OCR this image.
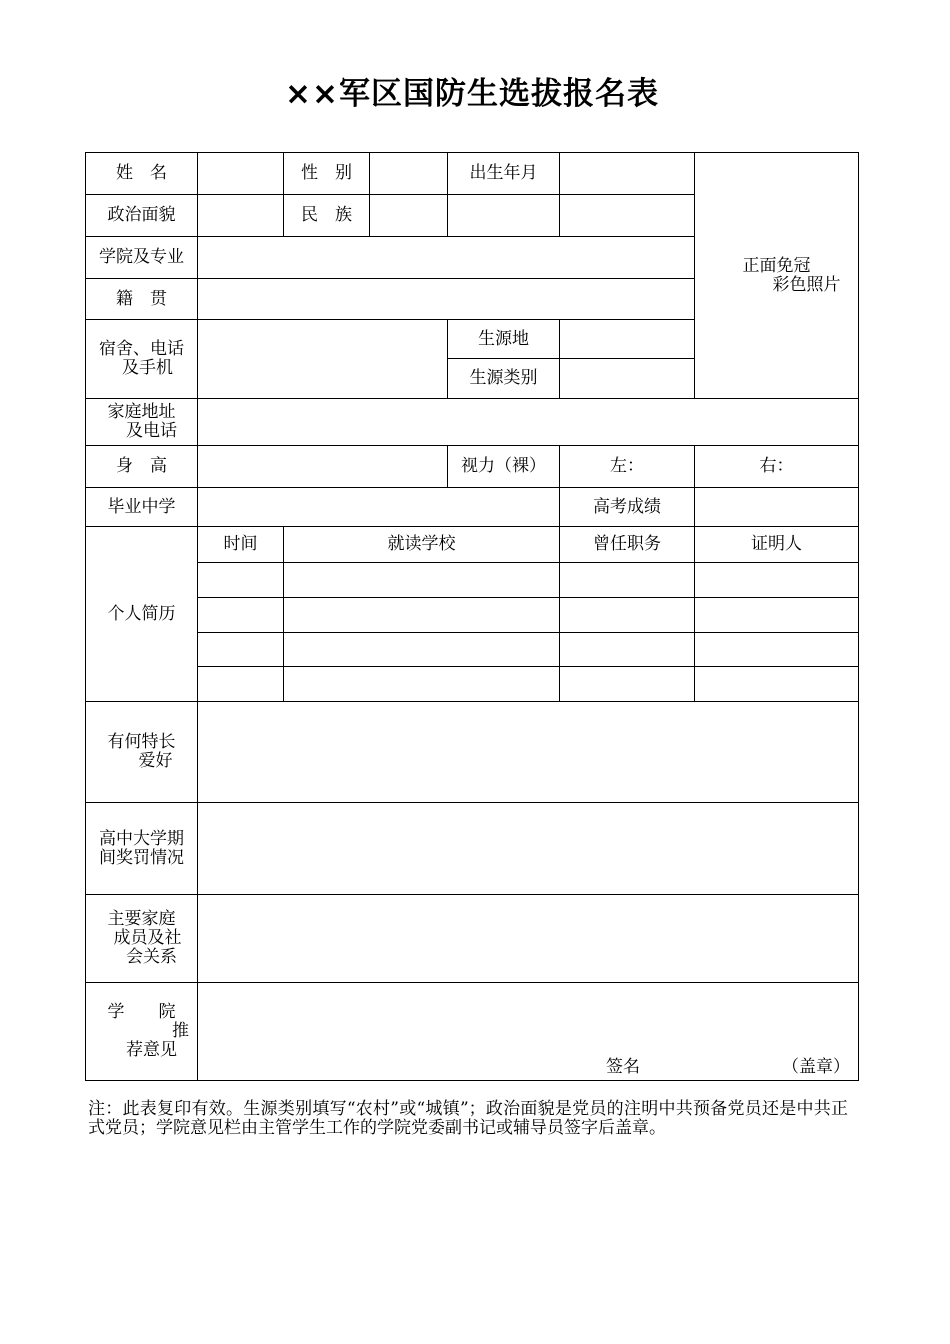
××军区国防生选拔报名表
姓　名		性　别		出生年月		正面免冠
彩色照片

政治面貌		民　族				
学院及专业						
籍　贯						

宿舍、电话
及手机				生源地		
				生源类别		

家庭地址
及电话						

身　高				视力（裸）	左：	右：
毕业中学					高考成绩	
个人简历	时间	就读学校			曾任职务	证明人

有何特长
爱好						

高中大学期
间奖罚情况						

主要家庭
成员及社
会关系						

学　　院
推
荐意见	签名 （盖章）					
注：此表复印有效。生源类别填写“农村”或“城镇”；政治面貌是党员的注明中共预备党员还是中共正式党员；学院意见栏由主管学生工作的学院党委副书记或辅导员签字后盖章。
